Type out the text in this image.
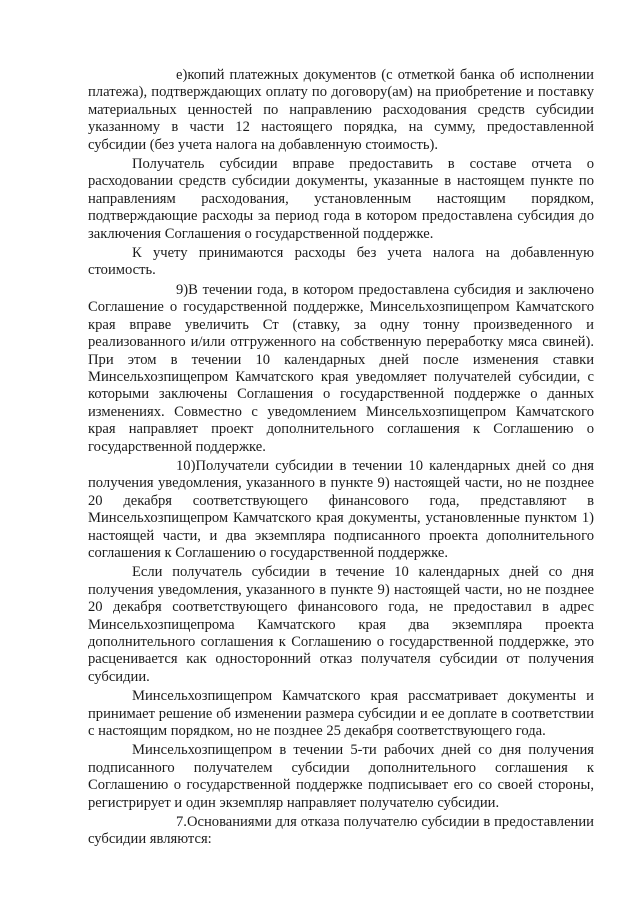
е)копий платежных документов (с отметкой банка об исполнении платежа), подтверждающих оплату по договору(ам) на приобретение и поставку материальных ценностей по направлению расходования средств субсидии указанному в части 12 настоящего порядка, на сумму, предоставленной субсидии (без учета налога на добавленную стоимость).

Получатель субсидии вправе предоставить в составе отчета о расходовании средств субсидии документы, указанные в настоящем пункте по направлениям расходования, установленным настоящим порядком, подтверждающие расходы за период года в котором предоставлена субсидия до заключения Соглашения о государственной поддержке.

К учету принимаются расходы без учета налога на добавленную стоимость.

9)В течении года, в котором предоставлена субсидия и заключено Соглашение о государственной поддержке, Минсельхозпищепром Камчатского края вправе увеличить Ст (ставку, за одну тонну произведенного и реализованного и/или отгруженного на собственную переработку мяса свиней). При этом в течении 10 календарных дней после изменения ставки Минсельхозпищепром Камчатского края уведомляет получателей субсидии, с которыми заключены Соглашения о государственной поддержке о данных изменениях. Совместно с уведомлением Минсельхозпищепром Камчатского края направляет проект дополнительного соглашения к Соглашению о государственной поддержке.

10)Получатели субсидии в течении 10 календарных дней со дня получения уведомления, указанного в пункте 9) настоящей части, но не позднее 20 декабря соответствующего финансового года, представляют в Минсельхозпищепром Камчатского края документы, установленные пунктом 1) настоящей части, и два экземпляра подписанного проекта дополнительного соглашения к Соглашению о государственной поддержке.

Если получатель субсидии в течение 10 календарных дней со дня получения уведомления, указанного в пункте 9) настоящей части, но не позднее 20 декабря соответствующего финансового года, не предоставил в адрес Минсельхозпищепрома Камчатского края два экземпляра проекта дополнительного соглашения к Соглашению о государственной поддержке, это расценивается как односторонний отказ получателя субсидии от получения субсидии.

Минсельхозпищепром Камчатского края рассматривает документы и принимает решение об изменении размера субсидии и ее доплате в соответствии с настоящим порядком, но не позднее 25 декабря соответствующего года.

Минсельхозпищепром в течении 5-ти рабочих дней со дня получения подписанного получателем субсидии дополнительного соглашения к Соглашению о государственной поддержке подписывает его со своей стороны, регистрирует и один экземпляр направляет получателю субсидии.

7.Основаниями для отказа получателю субсидии в предоставлении субсидии являются:
